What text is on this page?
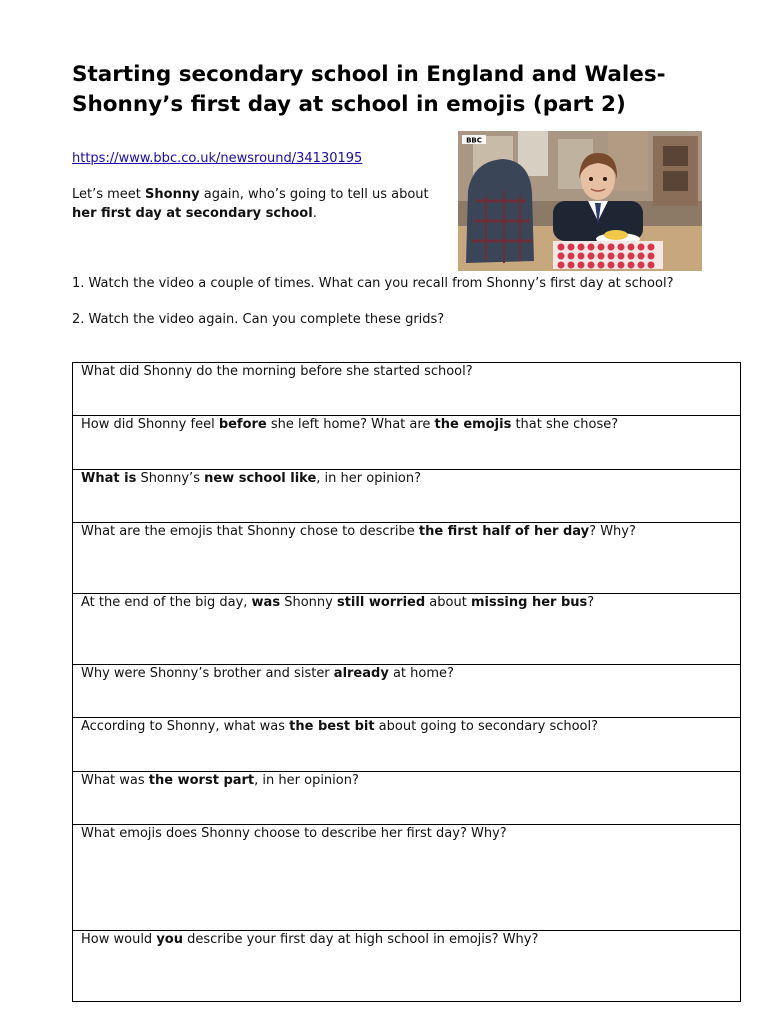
Starting secondary school in England and Wales-
Shonny’s first day at school in emojis (part 2)
https://www.bbc.co.uk/newsround/34130195
Let’s meet Shonny again, who’s going to tell us about
her first day at secondary school.
BBC
1. Watch the video a couple of times. What can you recall from Shonny’s first day at school?
2. Watch the video again. Can you complete these grids?
What did Shonny do the morning before she started school?

How did Shonny feel before she left home? What are the emojis that she chose?

What is Shonny’s new school like, in her opinion?

What are the emojis that Shonny chose to describe the first half of her day? Why?

At the end of the big day, was Shonny still worried about missing her bus?

Why were Shonny’s brother and sister already at home?

According to Shonny, what was the best bit about going to secondary school?

What was the worst part, in her opinion?

What emojis does Shonny choose to describe her first day? Why?

How would you describe your first day at high school in emojis? Why?
